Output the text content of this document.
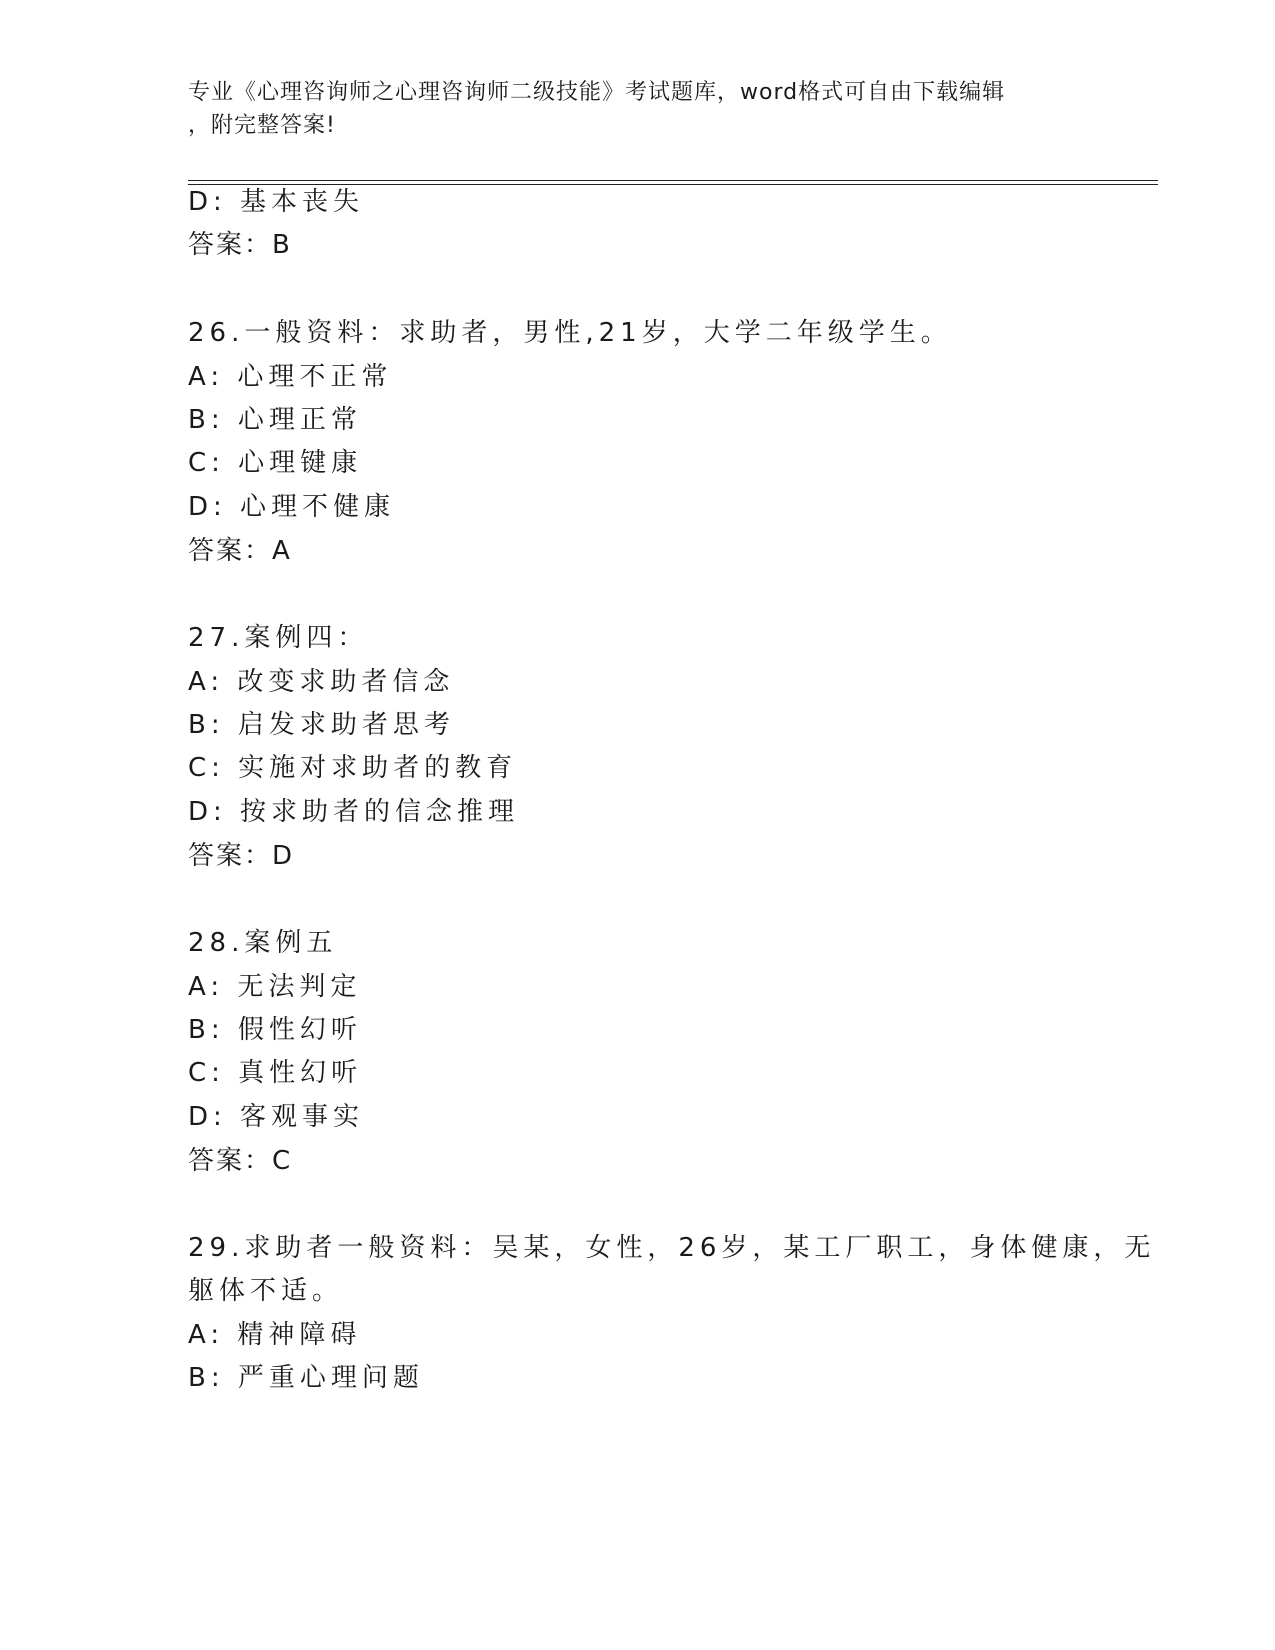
专业《心理咨询师之心理咨询师二级技能》考试题库，word格式可自由下载编辑
，附完整答案!
D: 基本丧失
答案：B
26.一般资料：求助者，男性,21岁，大学二年级学生。
A: 心理不正常
B: 心理正常
C: 心理键康
D: 心理不健康
答案：A
27.案例四：
A: 改变求助者信念
B: 启发求助者思考
C: 实施对求助者的教育
D: 按求助者的信念推理
答案：D
28.案例五
A: 无法判定
B: 假性幻听
C: 真性幻听
D: 客观事实
答案：C
29.求助者一般资料：吴某，女性，26岁，某工厂职工，身体健康，无
躯体不适。
A: 精神障碍
B: 严重心理问题
